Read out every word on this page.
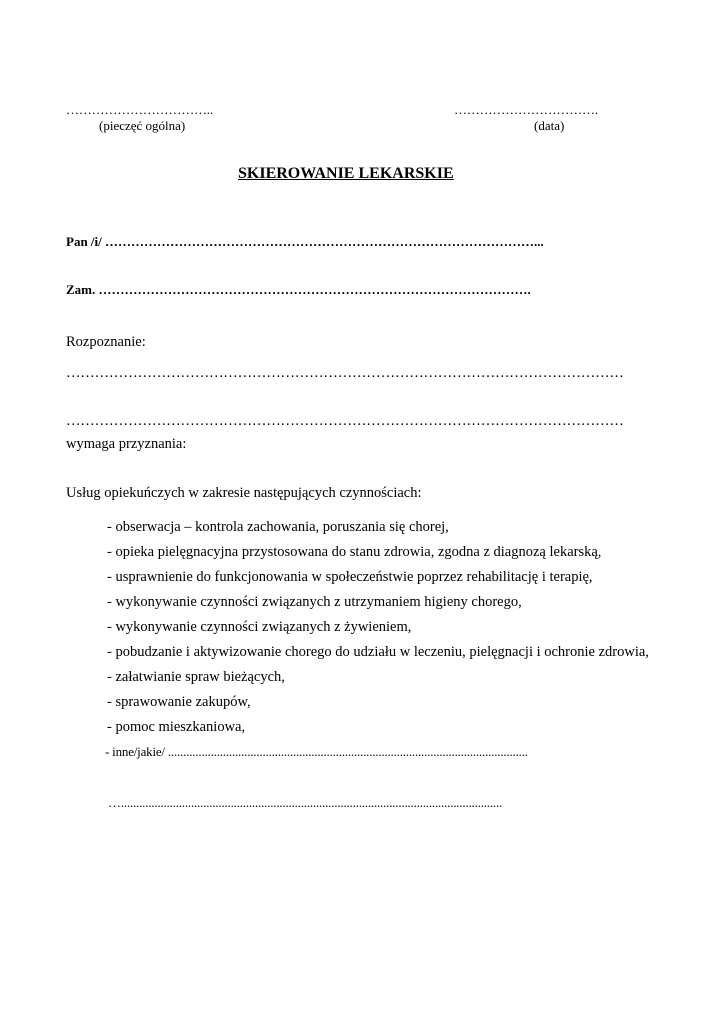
……………………………..
(pieczęć ogólna)
…………………………….
(data)
SKIEROWANIE LEKARSKIE
Pan /i/ ………………………………………………………………………………………...
Zam. ……………………………………………………………………………………….
Rozpoznanie:
………………………………………………………………………………………………………
………………………………………………………………………………………………………
wymaga przyznania:
Usług opiekuńczych w zakresie następujących czynnościach:
- obserwacja – kontrola zachowania, poruszania się chorej,
- opieka pielęgnacyjna przystosowana do stanu zdrowia, zgodna z diagnozą lekarską,
- usprawnienie do funkcjonowania w społeczeństwie poprzez rehabilitację i terapię,
- wykonywanie czynności związanych z utrzymaniem higieny chorego,
- wykonywanie czynności związanych z żywieniem,
- pobudzanie i aktywizowanie chorego do udziału w leczeniu, pielęgnacji i ochronie zdrowia,
- załatwianie spraw bieżących,
- sprawowanie zakupów,
- pomoc mieszkaniowa,
- inne/jakie/ ......................................................................................................................
….............................................................................................................................
